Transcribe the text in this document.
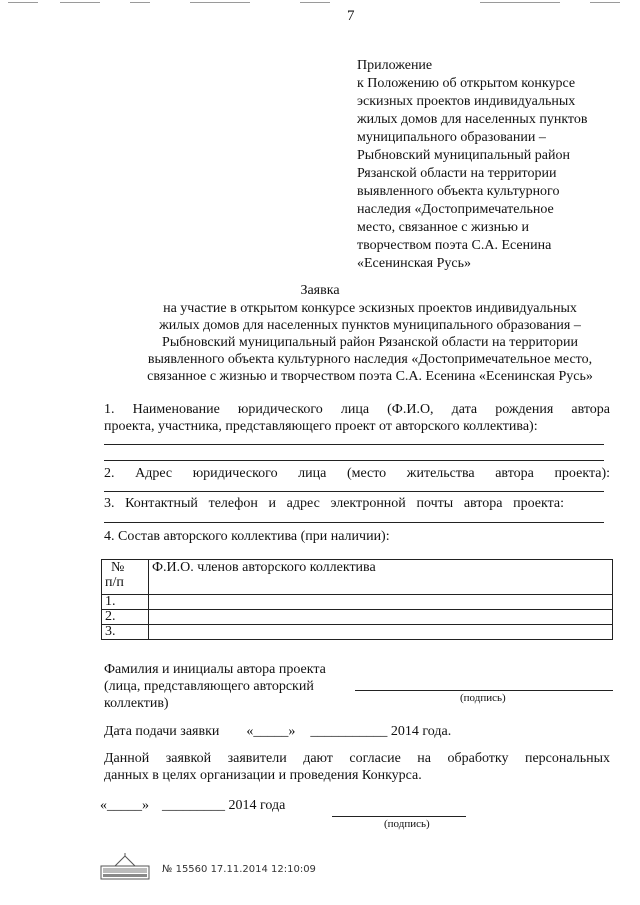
7
Приложение
к Положению об открытом конкурсе
эскизных проектов индивидуальных
жилых домов для населенных пунктов
муниципального образовании –
Рыбновский муниципальный район
Рязанской области на территории
выявленного объекта культурного
наследия «Достопримечательное
место, связанное с жизнью и
творчеством поэта С.А. Есенина
«Есенинская Русь»
Заявка
на участие в открытом конкурсе эскизных проектов индивидуальных
жилых домов для населенных пунктов муниципального образования –
Рыбновский муниципальный район Рязанской области на территории
выявленного объекта культурного наследия «Достопримечательное место,
связанное с жизнью и творчеством поэта С.А. Есенина «Есенинская Русь»
1. Наименование юридического лица (Ф.И.О, дата рождения автора
проекта, участника, представляющего проект от авторского коллектива):
2. Адрес юридического лица (место жительства автора проекта):
3. Контактный телефон и адрес электронной почты автора проекта:
4. Состав авторского коллектива (при наличии):
№
п/п	Ф.И.О. членов авторского коллектива
1.	
2.	
3.	
Фамилия и инициалы автора проекта
(лица, представляющего авторский
коллектив)	(подпись)
Дата подачи заявки «_____» ___________ 2014 года.
Данной заявкой заявители дают согласие на обработку персональных
данных в целях организации и проведения Конкурса.
«_____» _________ 2014 года
(подпись)
№ 15560 17.11.2014 12:10:09
